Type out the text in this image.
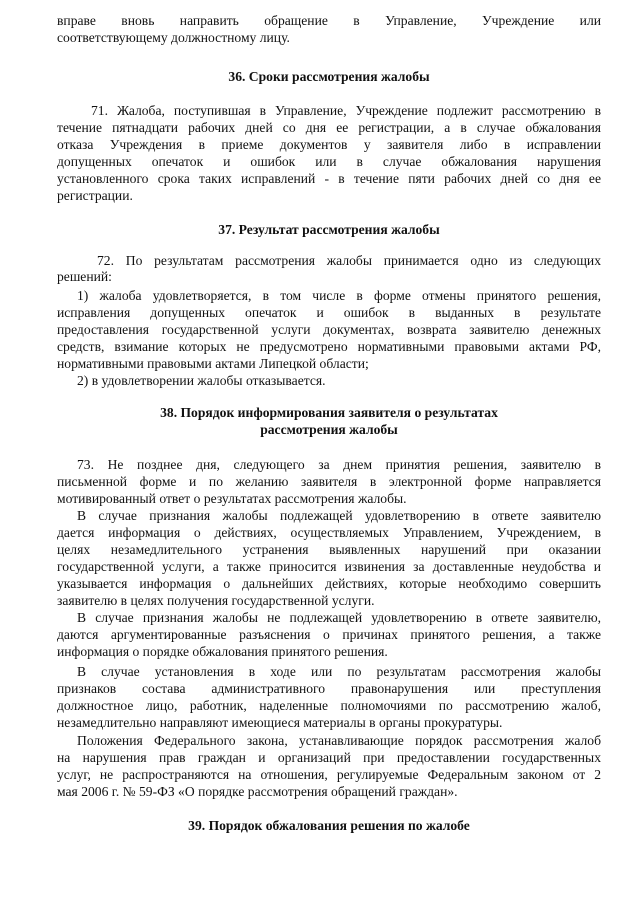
вправе вновь направить обращение в Управление, Учреждение или
соответствующему должностному лицу.
36. Сроки рассмотрения жалобы
71. Жалоба, поступившая в Управление, Учреждение подлежит рассмотрению в
течение пятнадцати рабочих дней со дня ее регистрации, а в случае обжалования
отказа Учреждения в приеме документов у заявителя либо в исправлении
допущенных опечаток и ошибок или в случае обжалования нарушения
установленного срока таких исправлений - в течение пяти рабочих дней со дня ее
регистрации.
37. Результат рассмотрения жалобы
72. По результатам рассмотрения жалобы принимается одно из следующих
решений:
1) жалоба удовлетворяется, в том числе в форме отмены принятого решения,
исправления допущенных опечаток и ошибок в выданных в результате
предоставления государственной услуги документах, возврата заявителю денежных
средств, взимание которых не предусмотрено нормативными правовыми актами РФ,
нормативными правовыми актами Липецкой области;
2) в удовлетворении жалобы отказывается.
38. Порядок информирования заявителя о результатах
рассмотрения жалобы
73. Не позднее дня, следующего за днем принятия решения, заявителю в
письменной форме и по желанию заявителя в электронной форме направляется
мотивированный ответ о результатах рассмотрения жалобы.
В случае признания жалобы подлежащей удовлетворению в ответе заявителю
дается информация о действиях, осуществляемых Управлением, Учреждением, в
целях незамедлительного устранения выявленных нарушений при оказании
государственной услуги, а также приносится извинения за доставленные неудобства и
указывается информация о дальнейших действиях, которые необходимо совершить
заявителю в целях получения государственной услуги.
В случае признания жалобы не подлежащей удовлетворению в ответе заявителю,
даются аргументированные разъяснения о причинах принятого решения, а также
информация о порядке обжалования принятого решения.
В случае установления в ходе или по результатам рассмотрения жалобы
признаков состава административного правонарушения или преступления
должностное лицо, работник, наделенные полномочиями по рассмотрению жалоб,
незамедлительно направляют имеющиеся материалы в органы прокуратуры.
Положения Федерального закона, устанавливающие порядок рассмотрения жалоб
на нарушения прав граждан и организаций при предоставлении государственных
услуг, не распространяются на отношения, регулируемые Федеральным законом от 2
мая 2006 г. № 59-ФЗ «О порядке рассмотрения обращений граждан».
39. Порядок обжалования решения по жалобе
